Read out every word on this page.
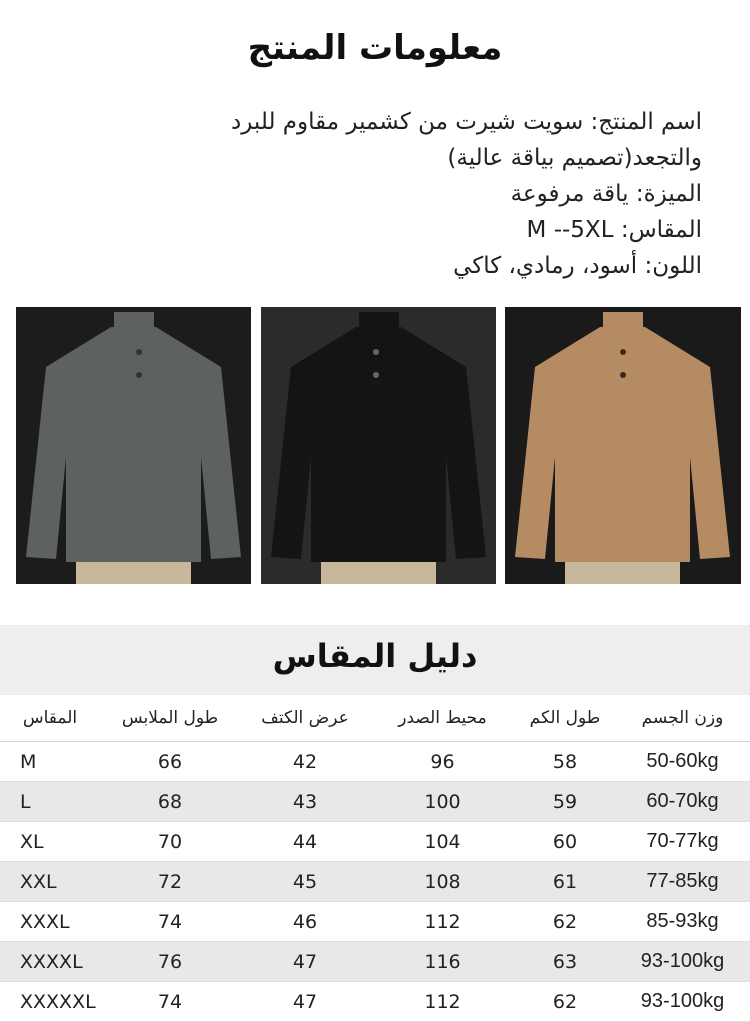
معلومات المنتج
اسم المنتج: سويت شيرت من كشمير مقاوم للبرد
والتجعد(تصميم بياقة عالية)
الميزة: ياقة مرفوعة
المقاس: M --5XL
اللون: أسود، رمادي، كاكي
دليل المقاس
المقاس	طول الملابس	عرض الكتف	محيط الصدر	طول الكم	وزن الجسم
M	66	42	96	58	50-60kg
L	68	43	100	59	60-70kg
XL	70	44	104	60	70-77kg
XXL	72	45	108	61	77-85kg
XXXL	74	46	112	62	85-93kg
XXXXL	76	47	116	63	93-100kg
XXXXXL	74	47	112	62	93-100kg
